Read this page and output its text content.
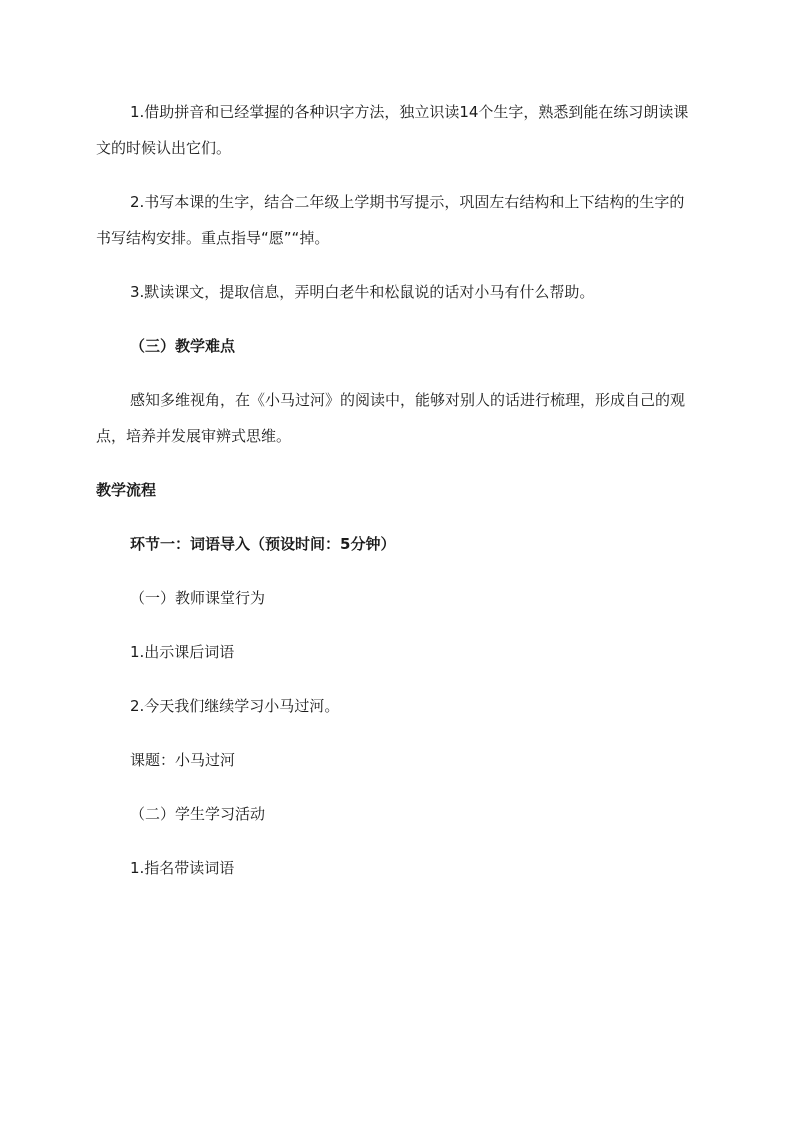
1.借助拼音和已经掌握的各种识字方法，独立识读14个生字，熟悉到能在练习朗读课文的时候认出它们。

2.书写本课的生字，结合二年级上学期书写提示，巩固左右结构和上下结构的生字的书写结构安排。重点指导“愿”“掉。

3.默读课文，提取信息，弄明白老牛和松鼠说的话对小马有什么帮助。

（三）教学难点

感知多维视角，在《小马过河》的阅读中，能够对别人的话进行梳理，形成自己的观点，培养并发展审辨式思维。

教学流程

环节一：词语导入（预设时间：5分钟）

（一）教师课堂行为

1.出示课后词语

2.今天我们继续学习小马过河。

课题：小马过河

（二）学生学习活动

1.指名带读词语
